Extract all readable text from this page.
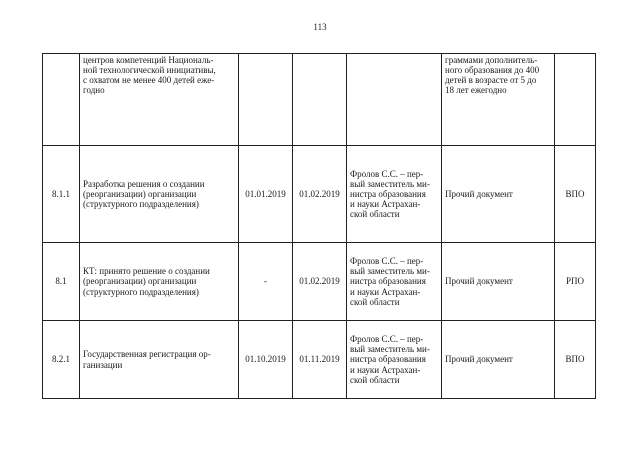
113

	центров компетенций Националь-
ной технологической инициативы,
с охватом не менее 400 детей еже-
годно				граммами дополнитель-
ного образования до 400
детей в возрасте от 5 до
18 лет ежегодно	

8.1.1	Разработка решения о создании
(реорганизации) организации
(структурного подразделения)	01.01.2019	01.02.2019	Фролов С.С. – пер-
вый заместитель ми-
нистра образования
и науки Астрахан-
ской области	Прочий документ	ВПО
8.1	КТ: принято решение о создании
(реорганизации) организации
(структурного подразделения)	-	01.02.2019	Фролов С.С. – пер-
вый заместитель ми-
нистра образования
и науки Астрахан-
ской области	Прочий документ	РПО
8.2.1	Государственная регистрация ор-
ганизации	01.10.2019	01.11.2019	Фролов С.С. – пер-
вый заместитель ми-
нистра образования
и науки Астрахан-
ской области	Прочий документ	ВПО
